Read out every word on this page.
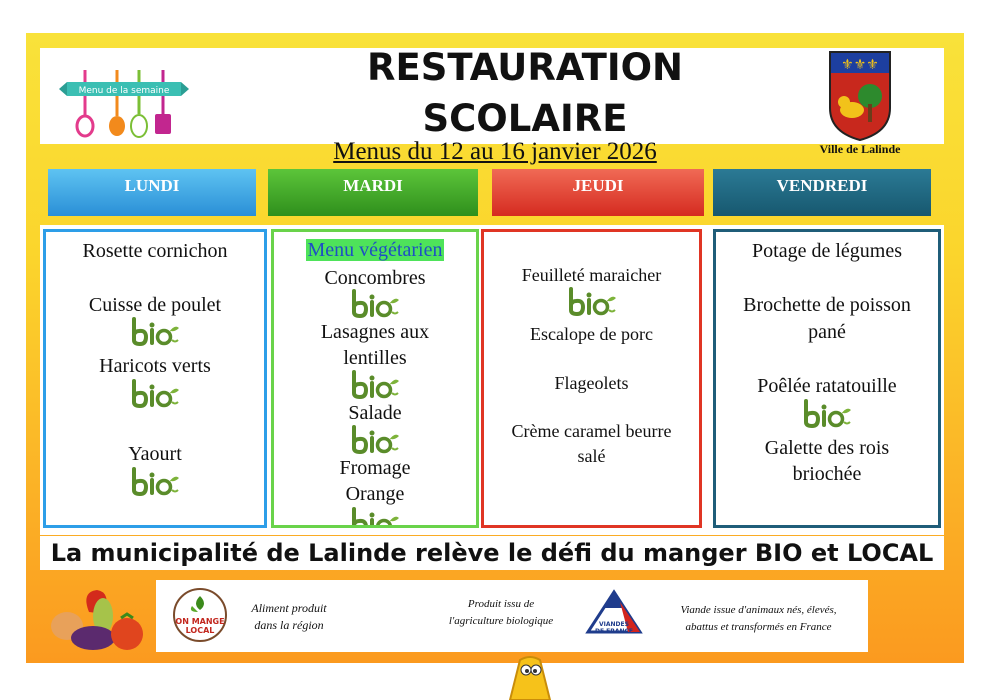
Menu de la semaine
RESTAURATION
SCOLAIRE
Menus du 12 au 16 janvier 2026
⚜⚜⚜
Ville de Lalinde
LUNDI	MARDI	JEUDI	VENDREDI
Rosette cornichon
Cuisse de poulet
Haricots verts
Yaourt
Menu végétarien
Concombres
Lasagnes aux
lentilles
Salade
Fromage
Orange
Feuilleté maraicher
Escalope de porc
Flageolets
Crème caramel beurre
salé
Potage de légumes
Brochette de poisson
pané
Poêlée ratatouille
Galette des rois
briochée
La municipalité de Lalinde relève le défi du manger BIO et LOCAL
ON MANGE
LOCAL
Aliment produit
dans la région
Produit issu de
l'agriculture biologique	VIANDES
DE FRANCE
Viande issue d'animaux nés, élevés,
abattus et transformés en France
